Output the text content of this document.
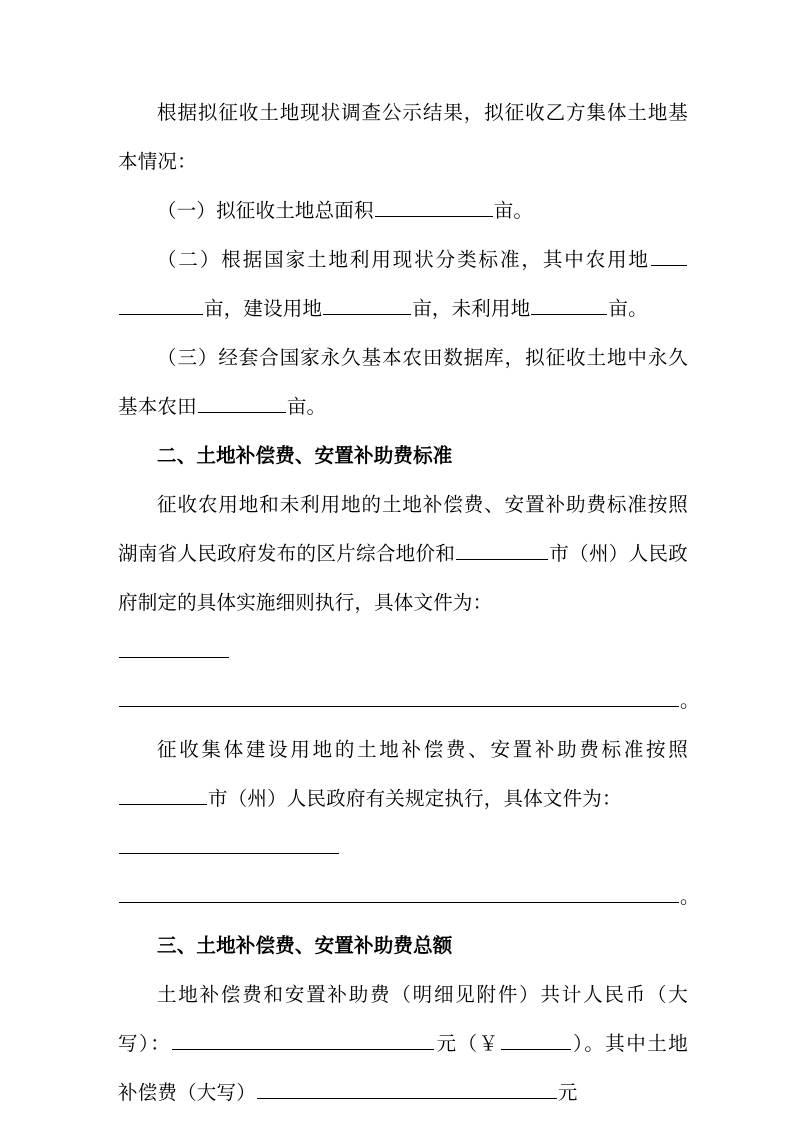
根据拟征收土地现状调查公示结果，拟征收乙方集体土地基本情况：

（一）拟征收土地总面积	亩。

（二）根据国家土地利用现状分类标准，其中农用地亩，建设用地	亩，未利用地	亩。

（三）经套合国家永久基本农田数据库，拟征收土地中永久基本农田	亩。

二、土地补偿费、安置补助费标准

征收农用地和未利用地的土地补偿费、安置补助费标准按照湖南省人民政府发布的区片综合地价和	市（州）人民政府制定的具体实施细则执行，具体文件为：

。

征收集体建设用地的土地补偿费、安置补助费标准按照市（州）人民政府有关规定执行，具体文件为：

。

三、土地补偿费、安置补助费总额

土地补偿费和安置补助费（明细见附件）共计人民币（大写）：	元（￥	）。其中土地补偿费（大写）	元
